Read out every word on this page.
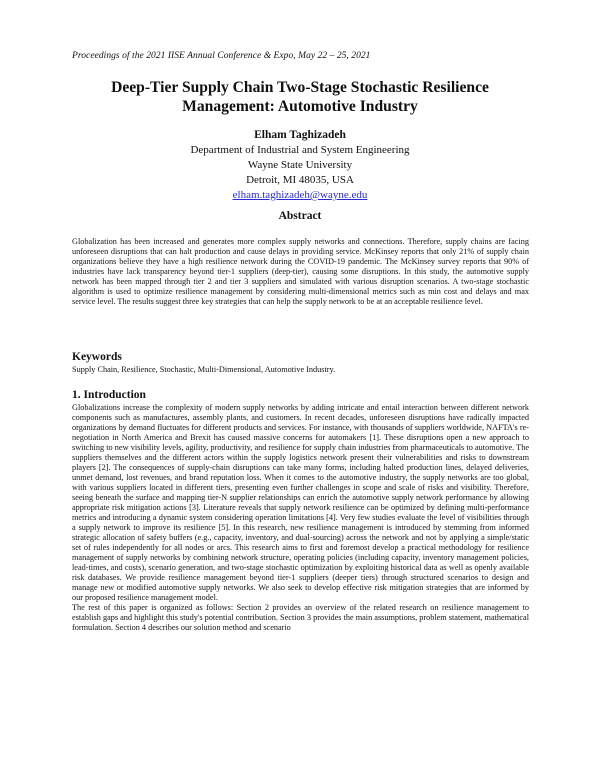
Proceedings of the 2021 IISE Annual Conference & Expo, May 22 – 25, 2021
Deep-Tier Supply Chain Two-Stage Stochastic Resilience
Management: Automotive Industry
Elham Taghizadeh
Department of Industrial and System Engineering
Wayne State University
Detroit, MI 48035, USA
elham.taghizadeh@wayne.edu
Abstract

Globalization has been increased and generates more complex supply networks and connections. Therefore, supply chains are facing unforeseen disruptions that can halt production and cause delays in providing service. McKinsey reports that only 21% of supply chain organizations believe they have a high resilience network during the COVID-19 pandemic. The McKinsey survey reports that 90% of industries have lack transparency beyond tier-1 suppliers (deep-tier), causing some disruptions. In this study, the automotive supply network has been mapped through tier 2 and tier 3 suppliers and simulated with various disruption scenarios. A two-stage stochastic algorithm is used to optimize resilience management by considering multi-dimensional metrics such as min cost and delays and max service level. The results suggest three key strategies that can help the supply network to be at an acceptable resilience level.

Keywords

Supply Chain, Resilience, Stochastic, Multi-Dimensional, Automotive Industry.

1. Introduction

Globalizations increase the complexity of modern supply networks by adding intricate and entail interaction between different network components such as manufactures, assembly plants, and customers. In recent decades, unforeseen disruptions have radically impacted organizations by demand fluctuates for different products and services. For instance, with thousands of suppliers worldwide, NAFTA's re-negotiation in North America and Brexit has caused massive concerns for automakers [1]. These disruptions open a new approach to switching to new visibility levels, agility, productivity, and resilience for supply chain industries from pharmaceuticals to automotive. The suppliers themselves and the different actors within the supply logistics network present their vulnerabilities and risks to downstream players [2]. The consequences of supply-chain disruptions can take many forms, including halted production lines, delayed deliveries, unmet demand, lost revenues, and brand reputation loss. When it comes to the automotive industry, the supply networks are too global, with various suppliers located in different tiers, presenting even further challenges in scope and scale of risks and visibility. Therefore, seeing beneath the surface and mapping tier-N supplier relationships can enrich the automotive supply network performance by allowing appropriate risk mitigation actions [3]. Literature reveals that supply network resilience can be optimized by defining multi-performance metrics and introducing a dynamic system considering operation limitations [4]. Very few studies evaluate the level of visibilities through a supply network to improve its resilience [5]. In this research, new resilience management is introduced by stemming from informed strategic allocation of safety buffers (e.g., capacity, inventory, and dual-sourcing) across the network and not by applying a simple/static set of rules independently for all nodes or arcs. This research aims to first and foremost develop a practical methodology for resilience management of supply networks by combining network structure, operating policies (including capacity, inventory management policies, lead-times, and costs), scenario generation, and two-stage stochastic optimization by exploiting historical data as well as openly available risk databases. We provide resilience management beyond tier-1 suppliers (deeper tiers) through structured scenarios to design and manage new or modified automotive supply networks. We also seek to develop effective risk mitigation strategies that are informed by our proposed resilience management model.

The rest of this paper is organized as follows: Section 2 provides an overview of the related research on resilience management to establish gaps and highlight this study's potential contribution. Section 3 provides the main assumptions, problem statement, mathematical formulation. Section 4 describes our solution method and scenario
